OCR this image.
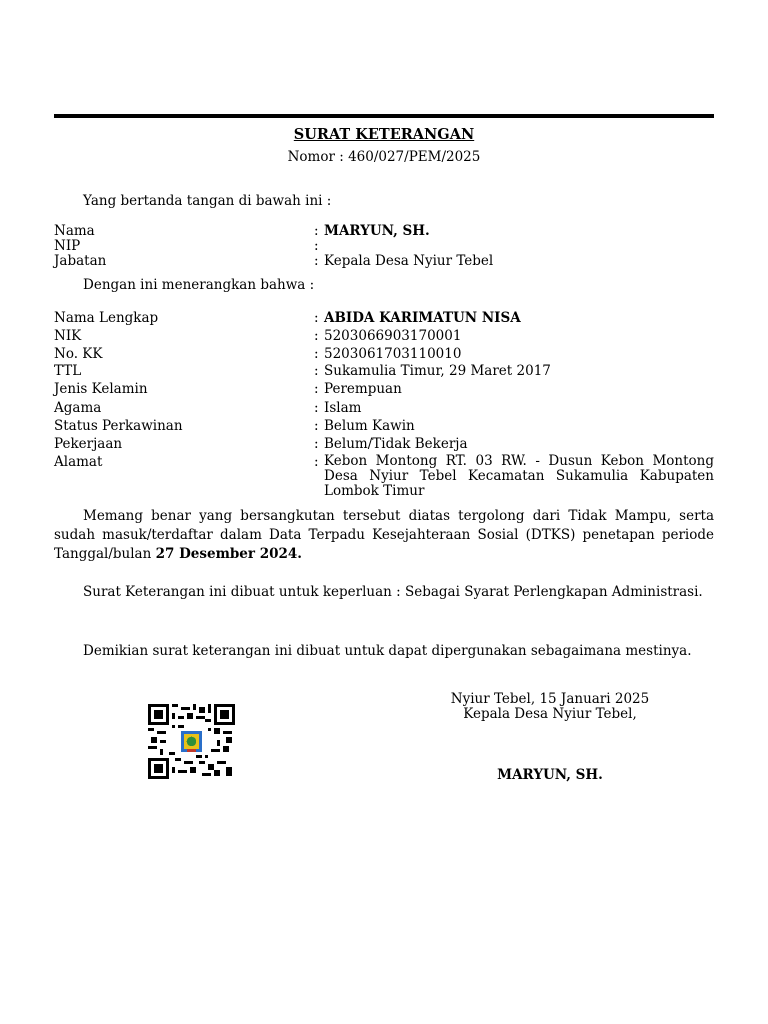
SURAT KETERANGAN
Nomor : 460/027/PEM/2025
Yang bertanda tangan di bawah ini :
Nama	: MARYUN, SH.
NIP	:
Jabatan	: Kepala Desa Nyiur Tebel
Dengan ini menerangkan bahwa :
Nama Lengkap	: ABIDA KARIMATUN NISA
NIK	: 5203066903170001
No. KK	: 5203061703110010
TTL	: Sukamulia Timur, 29 Maret 2017
Jenis Kelamin	: Perempuan
Agama	: Islam
Status Perkawinan	: Belum Kawin
Pekerjaan	: Belum/Tidak Bekerja
Alamat	: Kebon Montong RT. 03 RW. - Dusun Kebon Montong Desa Nyiur Tebel Kecamatan Sukamulia Kabupaten Lombok Timur
Memang benar yang bersangkutan tersebut diatas tergolong dari Tidak Mampu, serta sudah masuk/terdaftar dalam Data Terpadu Kesejahteraan Sosial (DTKS) penetapan periode Tanggal/bulan 27 Desember 2024.
Surat Keterangan ini dibuat untuk keperluan : Sebagai Syarat Perlengkapan Administrasi.
Demikian surat keterangan ini dibuat untuk dapat dipergunakan sebagaimana mestinya.
Nyiur Tebel, 15 Januari 2025
Kepala Desa Nyiur Tebel,
MARYUN, SH.
